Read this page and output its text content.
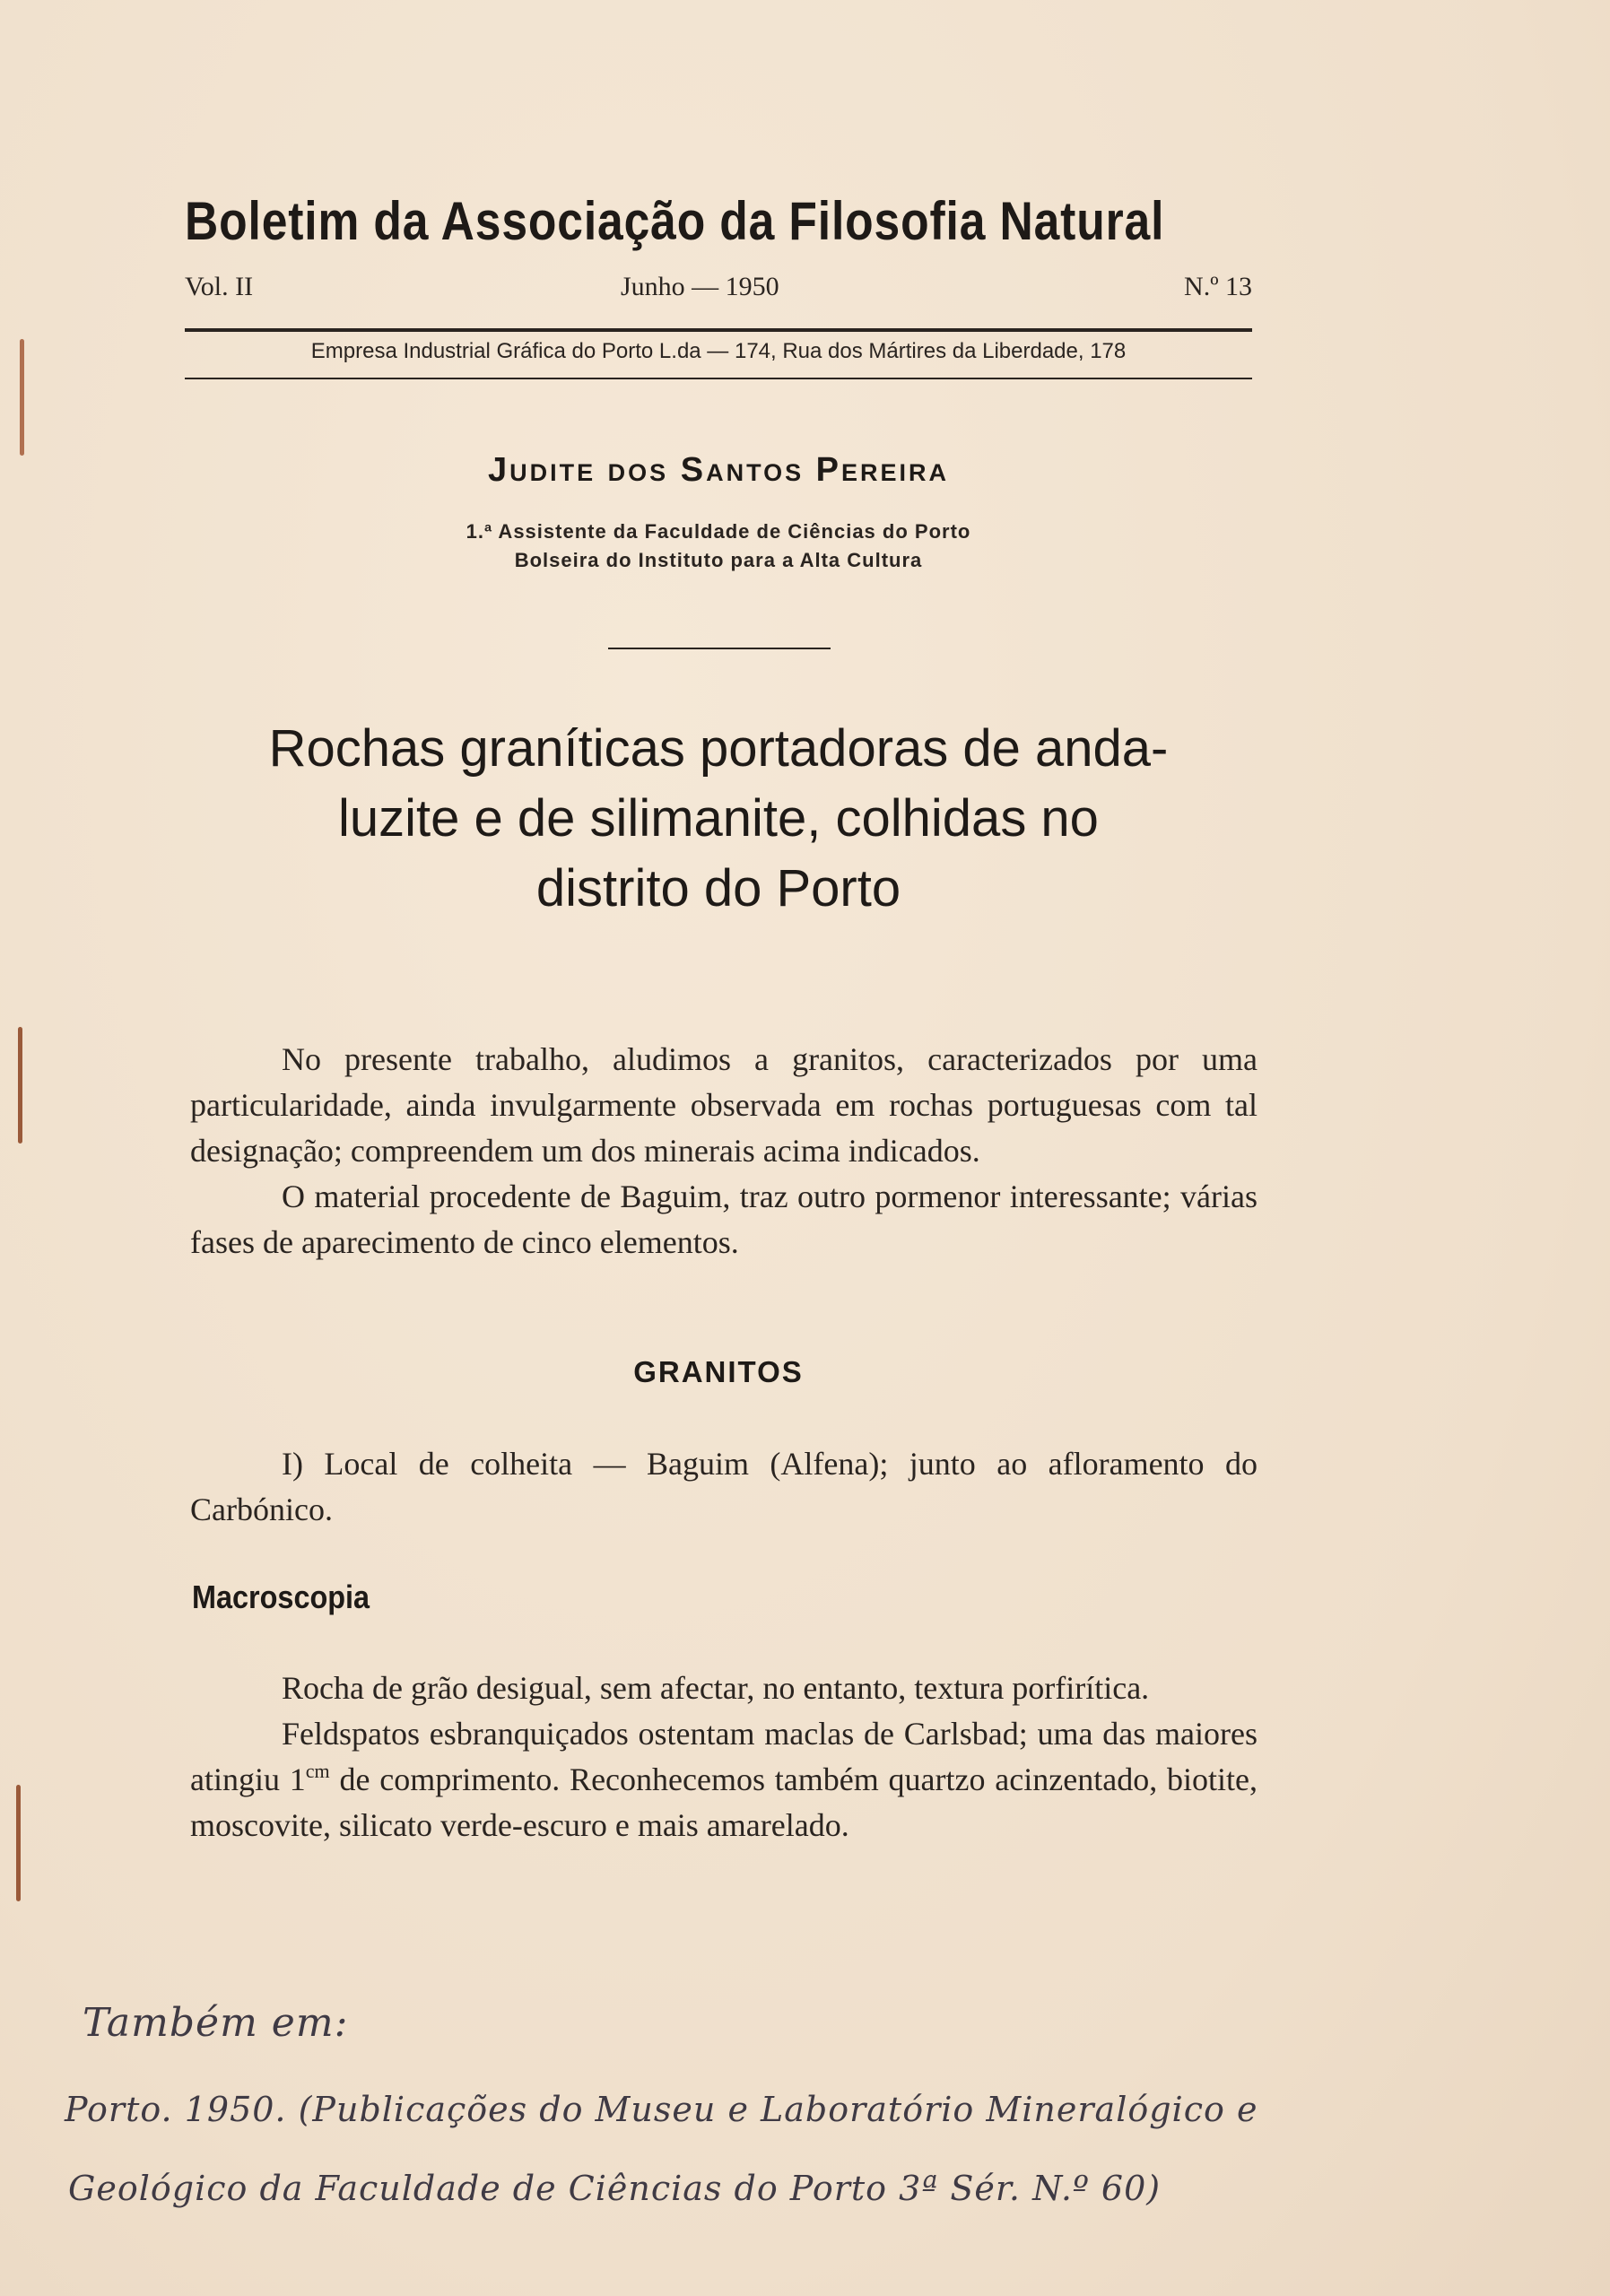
Boletim da Associação da Filosofia Natural
Vol. II	Junho — 1950	N.º 13
Empresa Industrial Gráfica do Porto L.da — 174, Rua dos Mártires da Liberdade, 178
Judite dos Santos Pereira
1.ª Assistente da Faculdade de Ciências do Porto
Bolseira do Instituto para a Alta Cultura
Rochas graníticas portadoras de anda-
luzite e de silimanite, colhidas no
distrito do Porto

No presente trabalho, aludimos a granitos, caracterizados por uma particularidade, ainda invulgarmente observada em rochas portuguesas com tal designação; compreendem um dos minerais acima indicados.

O material procedente de Baguim, traz outro pormenor interessante; várias fases de aparecimento de cinco elementos.

GRANITOS

I) Local de colheita — Baguim (Alfena); junto ao afloramento do Carbónico.

Macroscopia

Rocha de grão desigual, sem afectar, no entanto, textura porfirítica.

Feldspatos esbranquiçados ostentam maclas de Carlsbad; uma das maiores atingiu $1^{cm}$ de comprimento. Reconhecemos também quartzo acinzentado, biotite, moscovite, silicato verde-escuro e mais amarelado.

Também em:
Porto. 1950. (Publicações do Museu e Laboratório Mineralógico e
Geológico da Faculdade de Ciências do Porto 3ª Sér. N.º 60)
